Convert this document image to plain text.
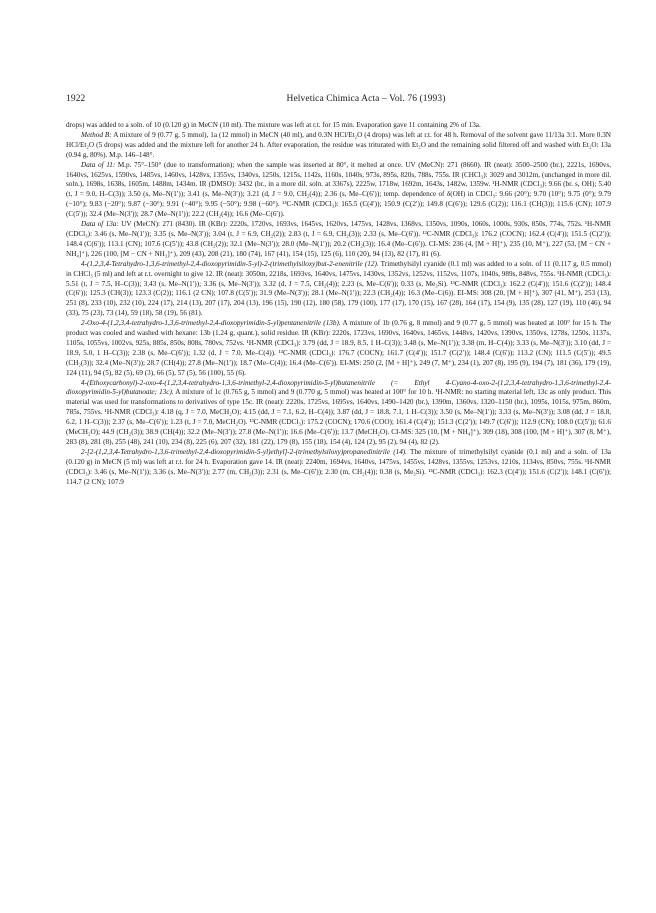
1922	Helvetica Chimica Acta – Vol. 76 (1993)

drops) was added to a soln. of 10 (0.120 g) in MeCN (10 ml). The mixture was left at r.t. for 15 min. Evaporation gave 11 containing 2% of 13a.

Method B: A mixture of 9 (0.77 g, 5 mmol), 1a (12 mmol) in MeCN (40 ml), and 0.3N HCl/Et₂O (4 drops) was left at r.t. for 48 h. Removal of the solvent gave 11/13a 3:1. More 0.3N HCl/Et₂O (5 drops) was added and the mixture left for another 24 h. After evaporation, the residue was triturated with Et₂O and the remaining solid filtered off and washed with Et₂O: 13a (0.94 g, 80%). M.p. 146–148°.

Data of 11: M.p. 75°–150° (due to transformation); when the sample was inserted at 80°, it melted at once. UV (MeCN): 271 (8660). IR (neat): 3500–2500 (br.), 2221s, 1690vs, 1640vs, 1625vs, 1590vs, 1485vs, 1460vs, 1428vs, 1355vs, 1340vs, 1250s, 1215s, 1142s, 1160s, 1040s, 973s, 895s, 820s, 788s, 755s. IR (CHCl₃): 3029 and 3012m, (unchanged in more dil. soln.), 1698s, 1638s, 1605m, 1488m, 1434m. IR (DMSO): 3432 (br., in a more dil. soln. at 3367s), 2225w, 1718w, 1692m, 1643s, 1482w, 1359w. ¹H-NMR (CDCl₃): 9.66 (br. s, OH); 5.40 (t, J = 9.0, H–C(3)); 3.50 (s, Me–N(1′)); 3.41 (s, Me–N(3′)); 3.21 (d, J = 9.0, CH₂(4)); 2.36 (s, Me–C(6′)); temp. dependence of δ(OH) in CDCl₃: 9.66 (20°); 9.70 (10°); 9.75 (0°); 9.79 (−10°); 9.83 (−20°); 9.87 (−30°); 9.91 (−40°); 9.95 (−50°); 9.98 (−60°). ¹³C-NMR (CDCl₃): 165.5 (C(4′)); 150.9 (C(2′)); 149.8 (C(6′)); 129.6 (C(2)); 116.1 (CH(3)); 115.6 (CN); 107.9 (C(5′)); 32.4 (Me–N(3′)); 28.7 (Me–N(1′)); 22.2 (CH₂(4)); 16.6 (Me–C(6′)).

Data of 13a: UV (MeCN): 271 (8430). IR (KBr): 2220s, 1720vs, 1693vs, 1645vs, 1620vs, 1475vs, 1428vs, 1368vs, 1350vs, 1090s, 1060s, 1000s, 930s, 850s, 774s, 752s. ¹H-NMR (CDCl₃): 3.46 (s, Me–N(1′)); 3.35 (s, Me–N(3′)); 3.04 (t, J = 6.9, CH₂(2)); 2.83 (t, J = 6.9, CH₂(3)); 2.33 (s, Me–C(6′)). ¹³C-NMR (CDCl₃): 176.2 (COCN); 162.4 (C(4′)); 151.5 (C(2′)); 148.4 (C(6′)); 113.1 (CN); 107.6 (C(5′)); 43.8 (CH₂(2)); 32.1 (Me–N(3′)); 28.0 (Me–N(1′)); 20.2 (CH₂(3)); 16.4 (Me–C(6′)). CI-MS: 236 (4, [M + H]⁺), 235 (10, M⁺), 227 (53, [M − CN + NH₄]⁺), 226 (100, [M − CN + NH₃]⁺), 209 (43), 208 (21), 180 (74), 167 (41), 154 (15), 125 (6), 110 (20), 94 (13), 82 (17), 81 (6).

4-(1,2,3,4-Tetrahydro-1,3,6-trimethyl-2,4-dioxopyrimidin-5-yl)-2-(trimethylsiloxy)but-2-enenitrile (12). Trimethylsilyl cyanide (0.1 ml) was added to a soln. of 11 (0.117 g, 0.5 mmol) in CHCl₃ (5 ml) and left at r.t. overnight to give 12. IR (neat): 3050m, 2218s, 1693vs, 1640vs, 1475vs, 1430vs, 1352vs, 1252vs, 1152vs, 1107s, 1040s, 989s, 848vs, 755s. ¹H-NMR (CDCl₃): 5.51 (t, J = 7.5, H–C(3)); 3.43 (s, Me–N(1′)); 3.36 (s, Me–N(3′)); 3.32 (d, J = 7.5, CH₂(4)); 2.23 (s, Me–C(6′)); 0.33 (s, Me₃Si). ¹³C-NMR (CDCl₃): 162.2 (C(4′)); 151.6 (C(2′)); 148.4 (C(6′)); 125.3 (CH(3)); 123.3 (C(2)); 116.1 (2 CN); 107.8 (C(5′)); 31.9 (Me–N(3′)); 28.1 (Me–N(1′)); 22.3 (CH₂(4)); 16.3 (Me–C(6)). EI-MS: 308 (20, [M + H]⁺), 307 (41, M⁺), 253 (13), 251 (8), 233 (10), 232 (10), 224 (17), 214 (13), 207 (17), 204 (13), 196 (15), 190 (12), 180 (58), 179 (100), 177 (17), 170 (15), 167 (28), 164 (17), 154 (9), 135 (28), 127 (19), 110 (46), 94 (33), 75 (23), 73 (14), 59 (18), 58 (19), 56 (81).

2-Oxo-4-(1,2,3,4-tetrahydro-1,3,6-trimethyl-2,4-dioxopyrimidin-5-yl)pentanenitrile (13b). A mixture of 1b (0.76 g, 8 mmol) and 9 (0.77 g, 5 mmol) was heated at 100° for 15 h. The product was cooled and washed with hexane: 13b (1.24 g, quant.), solid residue. IR (KBr): 2220s, 1723vs, 1690vs, 1640vs, 1465vs, 1448vs, 1420vs, 1390vs, 1350vs, 1278s, 1250s, 1137s, 1105s, 1055vs, 1002vs, 925s, 885s, 850s, 808s, 780vs, 752vs. ¹H-NMR (CDCl₃): 3.79 (dd, J = 18.9, 8.5, 1 H–C(3)); 3.48 (s, Me–N(1′)); 3.38 (m, H–C(4)); 3.33 (s, Me–N(3′)); 3.10 (dd, J = 18.9, 5.0, 1 H–C(3)); 2.38 (s, Me–C(6′)); 1.32 (d, J = 7.0, Me–C(4)). ¹³C-NMR (CDCl₃): 176.7 (COCN); 161.7 (C(4′)); 151.7 (C(2′)); 148.4 (C(6′)); 113.2 (CN); 111.5 (C(5′)); 49.5 (CH₂(3)); 32.4 (Me–N(3′)); 28.7 (CH(4)); 27.8 (Me–N(1′)); 18.7 (Me–C(4)); 16.4 (Me–C(6′)). EI-MS: 250 (2, [M + H]⁺), 249 (7, M⁺), 234 (1), 207 (8), 195 (9), 194 (7), 181 (36), 179 (19), 124 (11), 94 (5), 82 (5), 69 (3), 66 (5), 57 (5), 56 (100), 55 (6).

4-(Ethoxycarbonyl)-2-oxo-4-(1,2,3,4-tetrahydro-1,3,6-trimethyl-2,4-dioxopyrimidin-5-yl)butanenitrile (= Ethyl 4-Cyano-4-oxo-2-(1,2,3,4-tetrahydro-1,3,6-trimethyl-2,4-dioxopyrimidin-5-yl)butanoate; 13c). A mixture of 1c (0.765 g, 5 mmol) and 9 (0.770 g, 5 mmol) was heated at 100° for 10 h. ¹H-NMR: no starting material left, 13c as only product. This material was used for transformations to derivatives of type 15c. IR (neat): 2220s, 1725vs, 1695vs, 1640vs, 1490–1420 (br.), 1390m, 1360vs, 1320–1150 (br.), 1095s, 1015s, 975m, 860m, 785s, 755vs. ¹H-NMR (CDCl₃): 4.18 (q, J = 7.0, MeCH₂O); 4.15 (dd, J = 7.1, 6.2, H–C(4)); 3.87 (dd, J = 18.8, 7.1, 1 H–C(3)); 3.50 (s, Me–N(1′)); 3.33 (s, Me–N(3′)); 3.08 (dd, J = 18.8, 6.2, 1 H–C(3)); 2.37 (s, Me–C(6′)); 1.23 (t, J = 7.0, MeCH₂O). ¹³C-NMR (CDCl₃): 175.2 (COCN); 170.6 (COO); 161.4 (C(4′)); 151.3 (C(2′)); 149.7 (C(6′)); 112.9 (CN); 108.0 (C(5′)); 61.6 (MeCH₂O); 44.9 (CH₂(3)); 38.9 (CH(4)); 32.2 (Me–N(3′)); 27.8 (Me–N(1′)); 16.6 (Me–C(6′)); 13.7 (MeCH₂O). CI-MS: 325 (10, [M + NH₄]⁺), 309 (18), 308 (100, [M + H]⁺), 307 (8, M⁺), 283 (8), 281 (8), 255 (48), 241 (10), 234 (8), 225 (6), 207 (32), 181 (22), 179 (8), 155 (18), 154 (4), 124 (2), 95 (2), 94 (4), 82 (2).

2-[2-(1,2,3,4-Tetrahydro-1,3,6-trimethyl-2,4-dioxopyrimidin-5-yl)ethyl]-2-(trimethylsiloxy)propanedinitrile (14). The mixture of trimethylsilyl cyanide (0.1 ml) and a soln. of 13a (0.120 g) in MeCN (5 ml) was left at r.t. for 24 h. Evaporation gave 14. IR (neat): 2240m, 1694vs, 1640vs, 1475vs, 1455vs, 1428vs, 1355vs, 1253vs, 1210s, 1134vs, 850vs, 755s. ¹H-NMR (CDCl₃): 3.46 (s, Me–N(1′)); 3.36 (s, Me–N(3′)); 2.77 (m, CH₂(3)); 2.31 (s, Me–C(6′)); 2.30 (m, CH₂(4)); 0.38 (s, Me₃Si). ¹³C-NMR (CDCl₃): 162.3 (C(4′)); 151.6 (C(2′)); 148.1 (C(6′)); 114.7 (2 CN); 107.9
